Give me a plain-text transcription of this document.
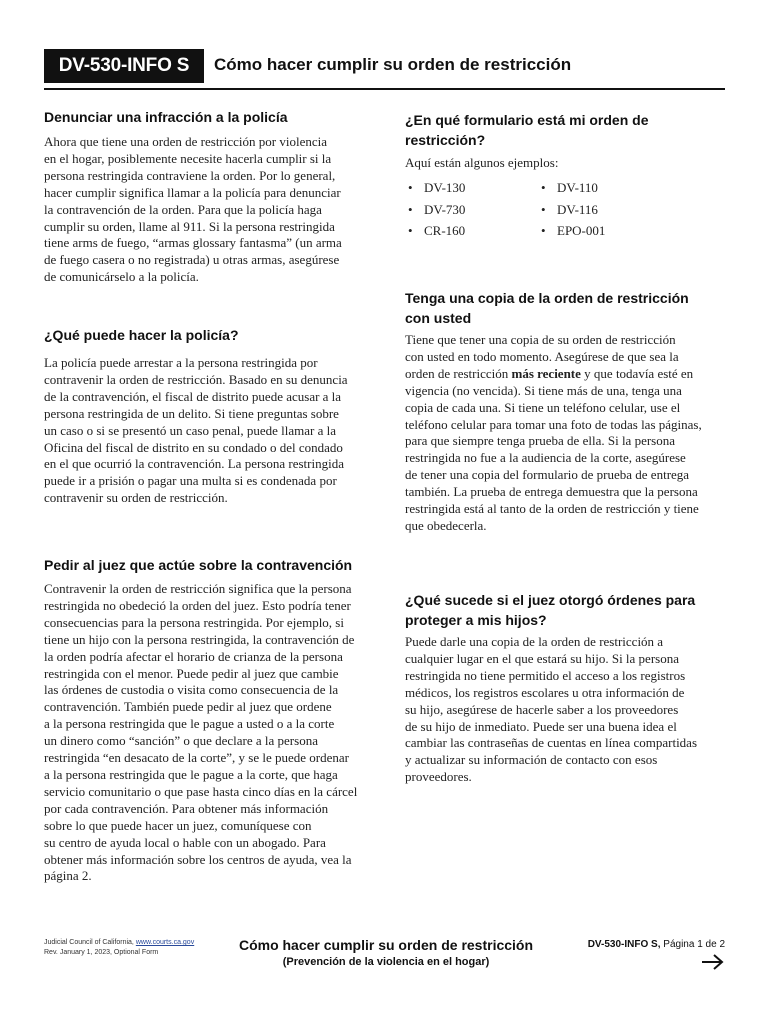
DV-530-INFO S	Cómo hacer cumplir su orden de restricción
Denunciar una infracción a la policía
Ahora que tiene una orden de restricción por violencia
en el hogar, posiblemente necesite hacerla cumplir si la
persona restringida contraviene la orden. Por lo general,
hacer cumplir significa llamar a la policía para denunciar
la contravención de la orden. Para que la policía haga
cumplir su orden, llame al 911. Si la persona restringida
tiene arms de fuego, “armas glossary fantasma” (un arma
de fuego casera o no registrada) u otras armas, asegúrese
de comunicárselo a la policía.
¿Qué puede hacer la policía?
La policía puede arrestar a la persona restringida por
contravenir la orden de restricción. Basado en su denuncia
de la contravención, el fiscal de distrito puede acusar a la
persona restringida de un delito. Si tiene preguntas sobre
un caso o si se presentó un caso penal, puede llamar a la
Oficina del fiscal de distrito en su condado o del condado
en el que ocurrió la contravención. La persona restringida
puede ir a prisión o pagar una multa si es condenada por
contravenir su orden de restricción.
Pedir al juez que actúe sobre la contravención
Contravenir la orden de restricción significa que la persona
restringida no obedeció la orden del juez. Esto podría tener
consecuencias para la persona restringida. Por ejemplo, si
tiene un hijo con la persona restringida, la contravención de
la orden podría afectar el horario de crianza de la persona
restringida con el menor. Puede pedir al juez que cambie
las órdenes de custodia o visita como consecuencia de la
contravención. También puede pedir al juez que ordene
a la persona restringida que le pague a usted o a la corte
un dinero como “sanción” o que declare a la persona
restringida “en desacato de la corte”, y se le puede ordenar
a la persona restringida que le pague a la corte, que haga
servicio comunitario o que pase hasta cinco días en la cárcel
por cada contravención. Para obtener más información
sobre lo que puede hacer un juez, comuníquese con
su centro de ayuda local o hable con un abogado. Para
obtener más información sobre los centros de ayuda, vea la
página 2.
¿En qué formulario está mi orden de
restricción?
Aquí están algunos ejemplos:
• DV-130
• DV-730
• CR-160
• DV-110
• DV-116
• EPO-001
Tenga una copia de la orden de restricción
con usted
Tiene que tener una copia de su orden de restricción
con usted en todo momento. Asegúrese de que sea la
orden de restricción más reciente y que todavía esté en
vigencia (no vencida). Si tiene más de una, tenga una
copia de cada una. Si tiene un teléfono celular, use el
teléfono celular para tomar una foto de todas las páginas,
para que siempre tenga prueba de ella. Si la persona
restringida no fue a la audiencia de la corte, asegúrese
de tener una copia del formulario de prueba de entrega
también. La prueba de entrega demuestra que la persona
restringida está al tanto de la orden de restricción y tiene
que obedecerla.
¿Qué sucede si el juez otorgó órdenes para
proteger a mis hijos?
Puede darle una copia de la orden de restricción a
cualquier lugar en el que estará su hijo. Si la persona
restringida no tiene permitido el acceso a los registros
médicos, los registros escolares u otra información de
su hijo, asegúrese de hacerle saber a los proveedores
de su hijo de inmediato. Puede ser una buena idea el
cambiar las contraseñas de cuentas en línea compartidas
y actualizar su información de contacto con esos
proveedores.
Judicial Council of California, www.courts.ca.gov
Rev. January 1, 2023, Optional Form	Cómo hacer cumplir su orden de restricción
(Prevención de la violencia en el hogar)
DV-530-INFO S, Página 1 de 2
